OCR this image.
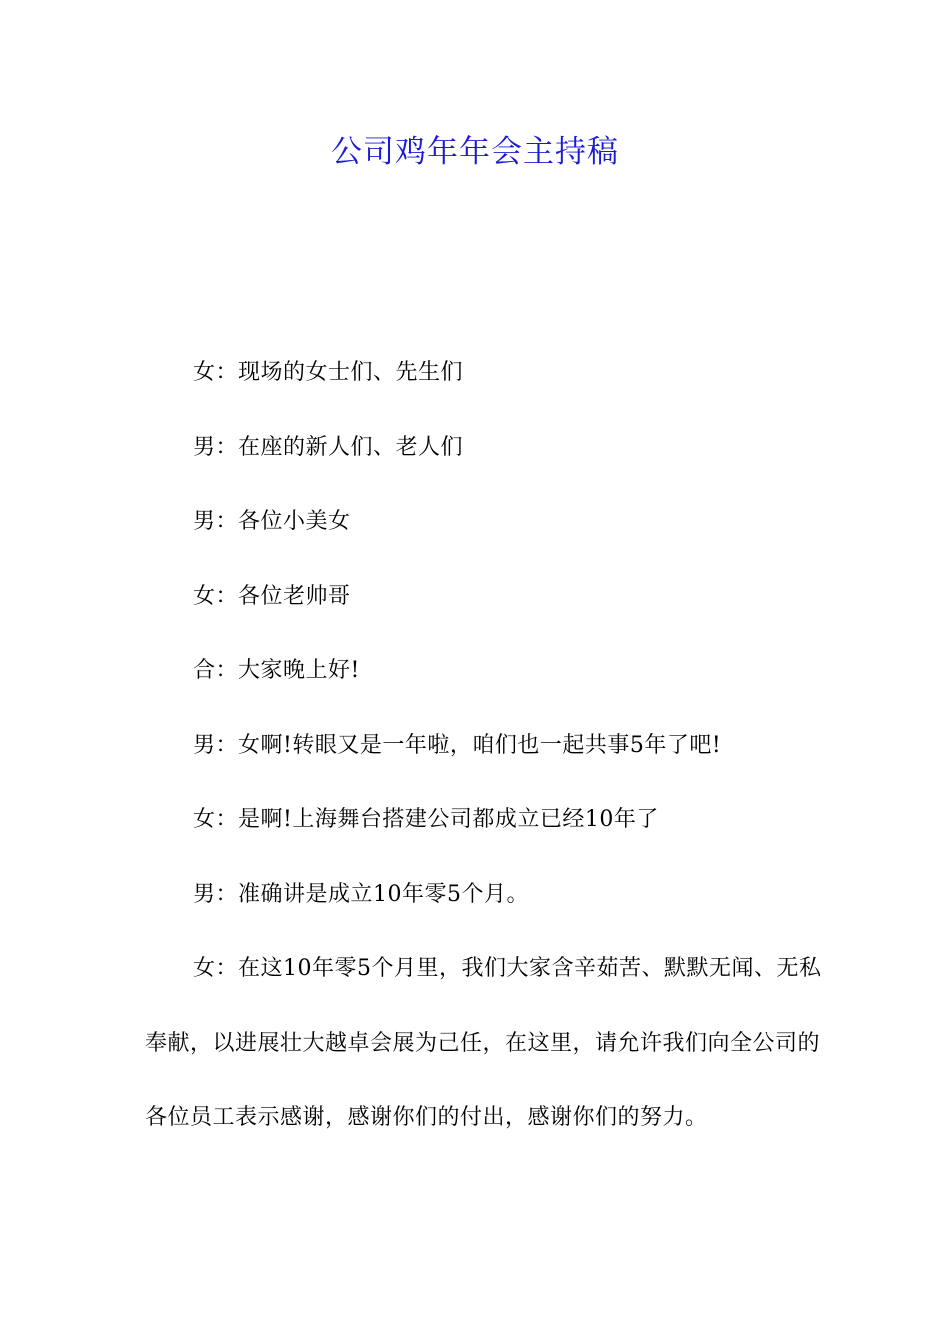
公司鸡年年会主持稿

女：现场的女士们、先生们

男：在座的新人们、老人们

男：各位小美女

女：各位老帅哥

合：大家晚上好!

男：女啊!转眼又是一年啦，咱们也一起共事5年了吧!

女：是啊!上海舞台搭建公司都成立已经10年了

男：准确讲是成立10年零5个月。

女：在这10年零5个月里，我们大家含辛茹苦、默默无闻、无私奉献，以进展壮大越卓会展为己任，在这里，请允许我们向全公司的各位员工表示感谢，感谢你们的付出，感谢你们的努力。
